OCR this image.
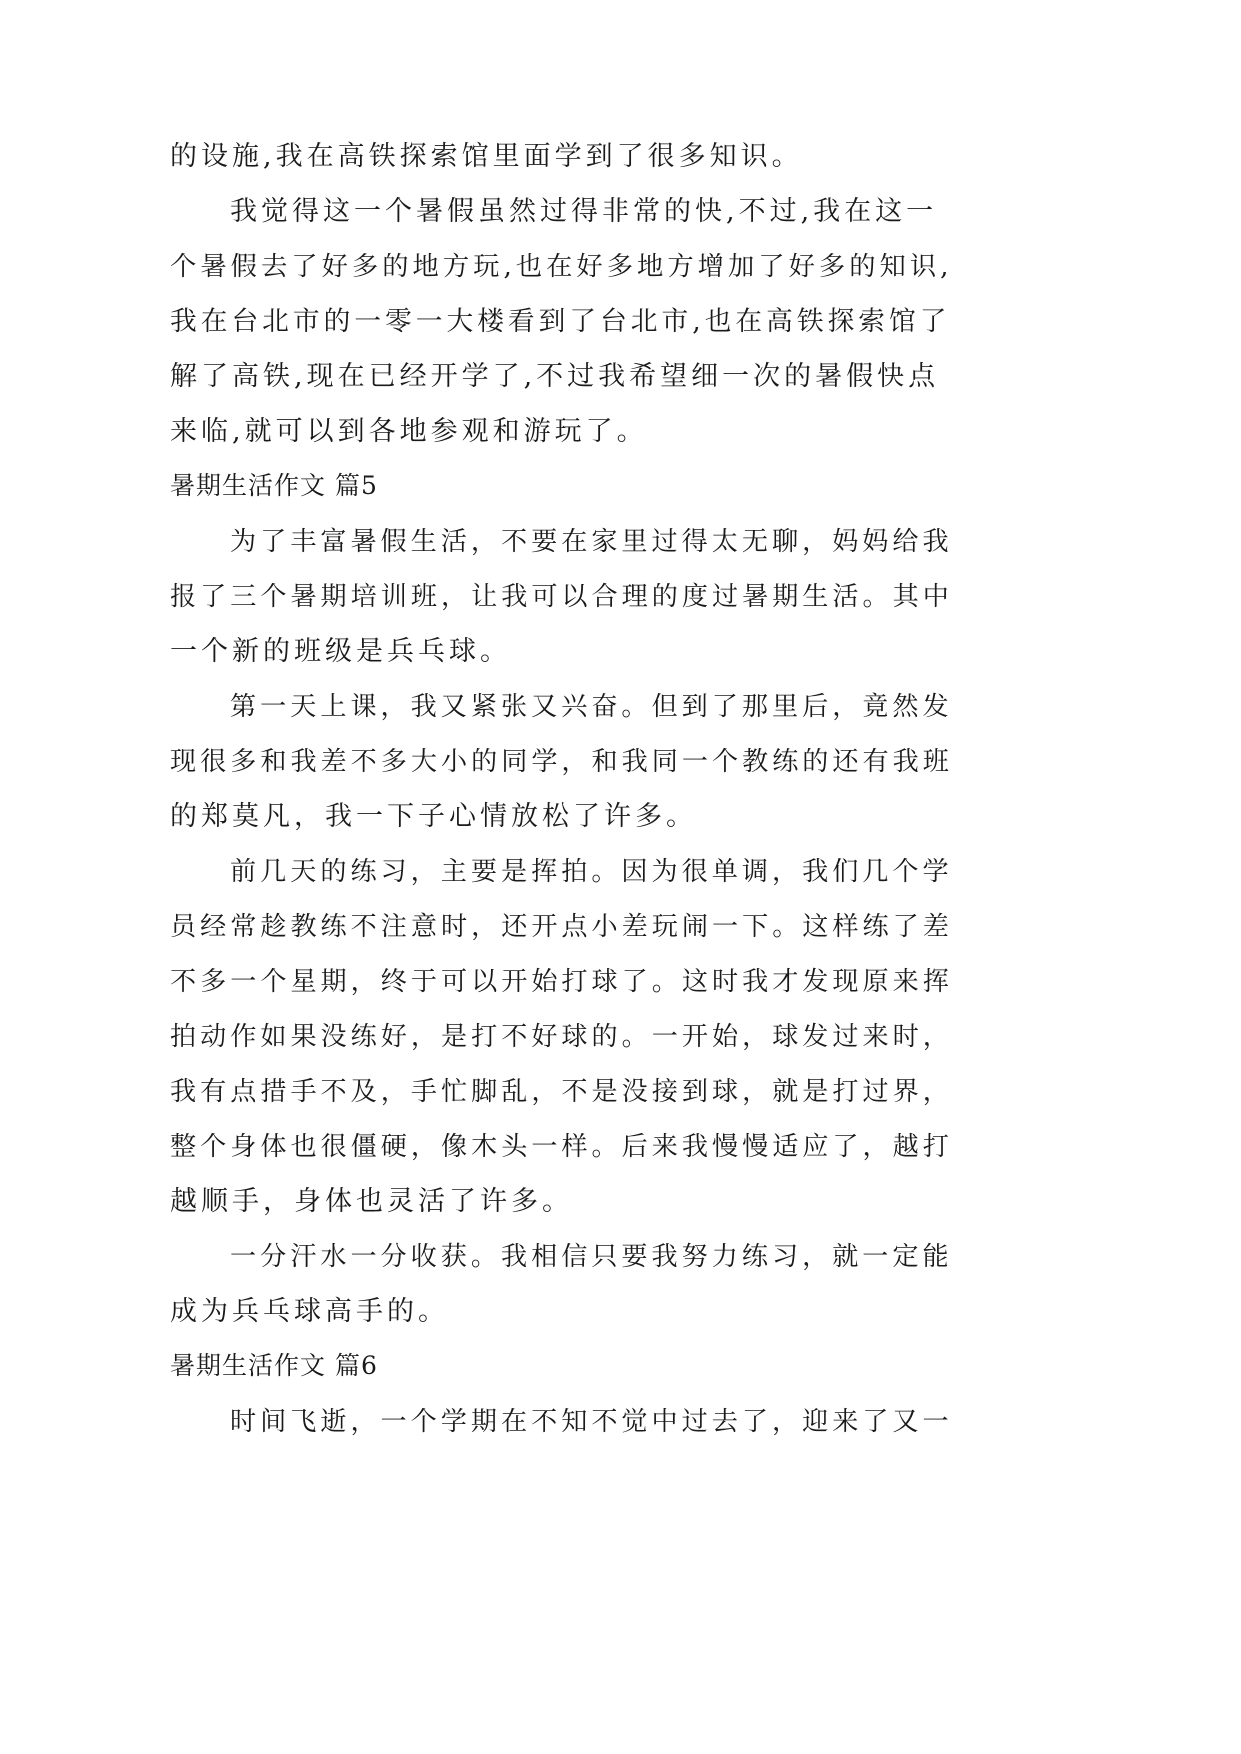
的设施,我在高铁探索馆里面学到了很多知识。
我觉得这一个暑假虽然过得非常的快,不过,我在这一
个暑假去了好多的地方玩,也在好多地方增加了好多的知识,
我在台北市的一零一大楼看到了台北市,也在高铁探索馆了
解了高铁,现在已经开学了,不过我希望细一次的暑假快点
来临,就可以到各地参观和游玩了。
暑期生活作文 篇5
为了丰富暑假生活，不要在家里过得太无聊，妈妈给我
报了三个暑期培训班，让我可以合理的度过暑期生活。其中
一个新的班级是兵乓球。
第一天上课，我又紧张又兴奋。但到了那里后，竟然发
现很多和我差不多大小的同学，和我同一个教练的还有我班
的郑莫凡，我一下子心情放松了许多。
前几天的练习，主要是挥拍。因为很单调，我们几个学
员经常趁教练不注意时，还开点小差玩闹一下。这样练了差
不多一个星期，终于可以开始打球了。这时我才发现原来挥
拍动作如果没练好，是打不好球的。一开始，球发过来时，
我有点措手不及，手忙脚乱，不是没接到球，就是打过界，
整个身体也很僵硬，像木头一样。后来我慢慢适应了，越打
越顺手，身体也灵活了许多。
一分汗水一分收获。我相信只要我努力练习，就一定能
成为兵乓球高手的。
暑期生活作文 篇6
时间飞逝，一个学期在不知不觉中过去了，迎来了又一
